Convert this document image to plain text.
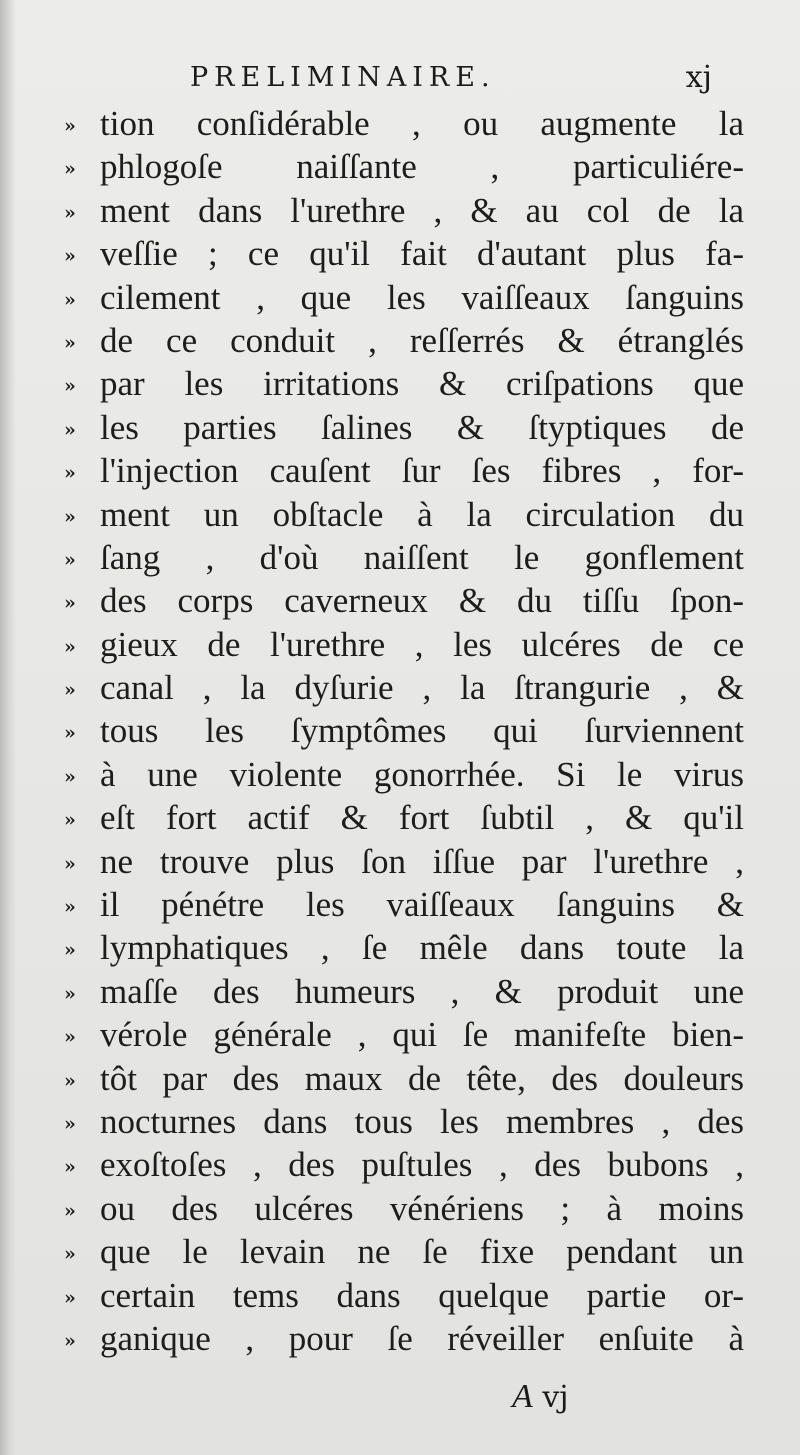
PRELIMINAIRE.	xj
» tion conſidérable , ou augmente la
» phlogoſe naiſſante , particuliére-
» ment dans l'urethre , & au col de la
» veſſie ; ce qu'il fait d'autant plus fa-
» cilement , que les vaiſſeaux ſanguins
» de ce conduit , reſſerrés & étranglés
» par les irritations & criſpations que
» les parties ſalines & ſtyptiques de
» l'injection cauſent ſur ſes fibres , for-
» ment un obſtacle à la circulation du
» ſang , d'où naiſſent le gonflement
» des corps caverneux & du tiſſu ſpon-
» gieux de l'urethre , les ulcéres de ce
» canal , la dyſurie , la ſtrangurie , &
» tous les ſymptômes qui ſurviennent
» à une violente gonorrhée. Si le virus
» eſt fort actif & fort ſubtil , & qu'il
» ne trouve plus ſon iſſue par l'urethre ,
» il pénétre les vaiſſeaux ſanguins &
» lymphatiques , ſe mêle dans toute la
» maſſe des humeurs , & produit une
» vérole générale , qui ſe manifeſte bien-
» tôt par des maux de tête, des douleurs
» nocturnes dans tous les membres , des
» exoſtoſes , des puſtules , des bubons ,
» ou des ulcéres vénériens ; à moins
» que le levain ne ſe fixe pendant un
» certain tems dans quelque partie or-
» ganique , pour ſe réveiller enſuite à
A vj
